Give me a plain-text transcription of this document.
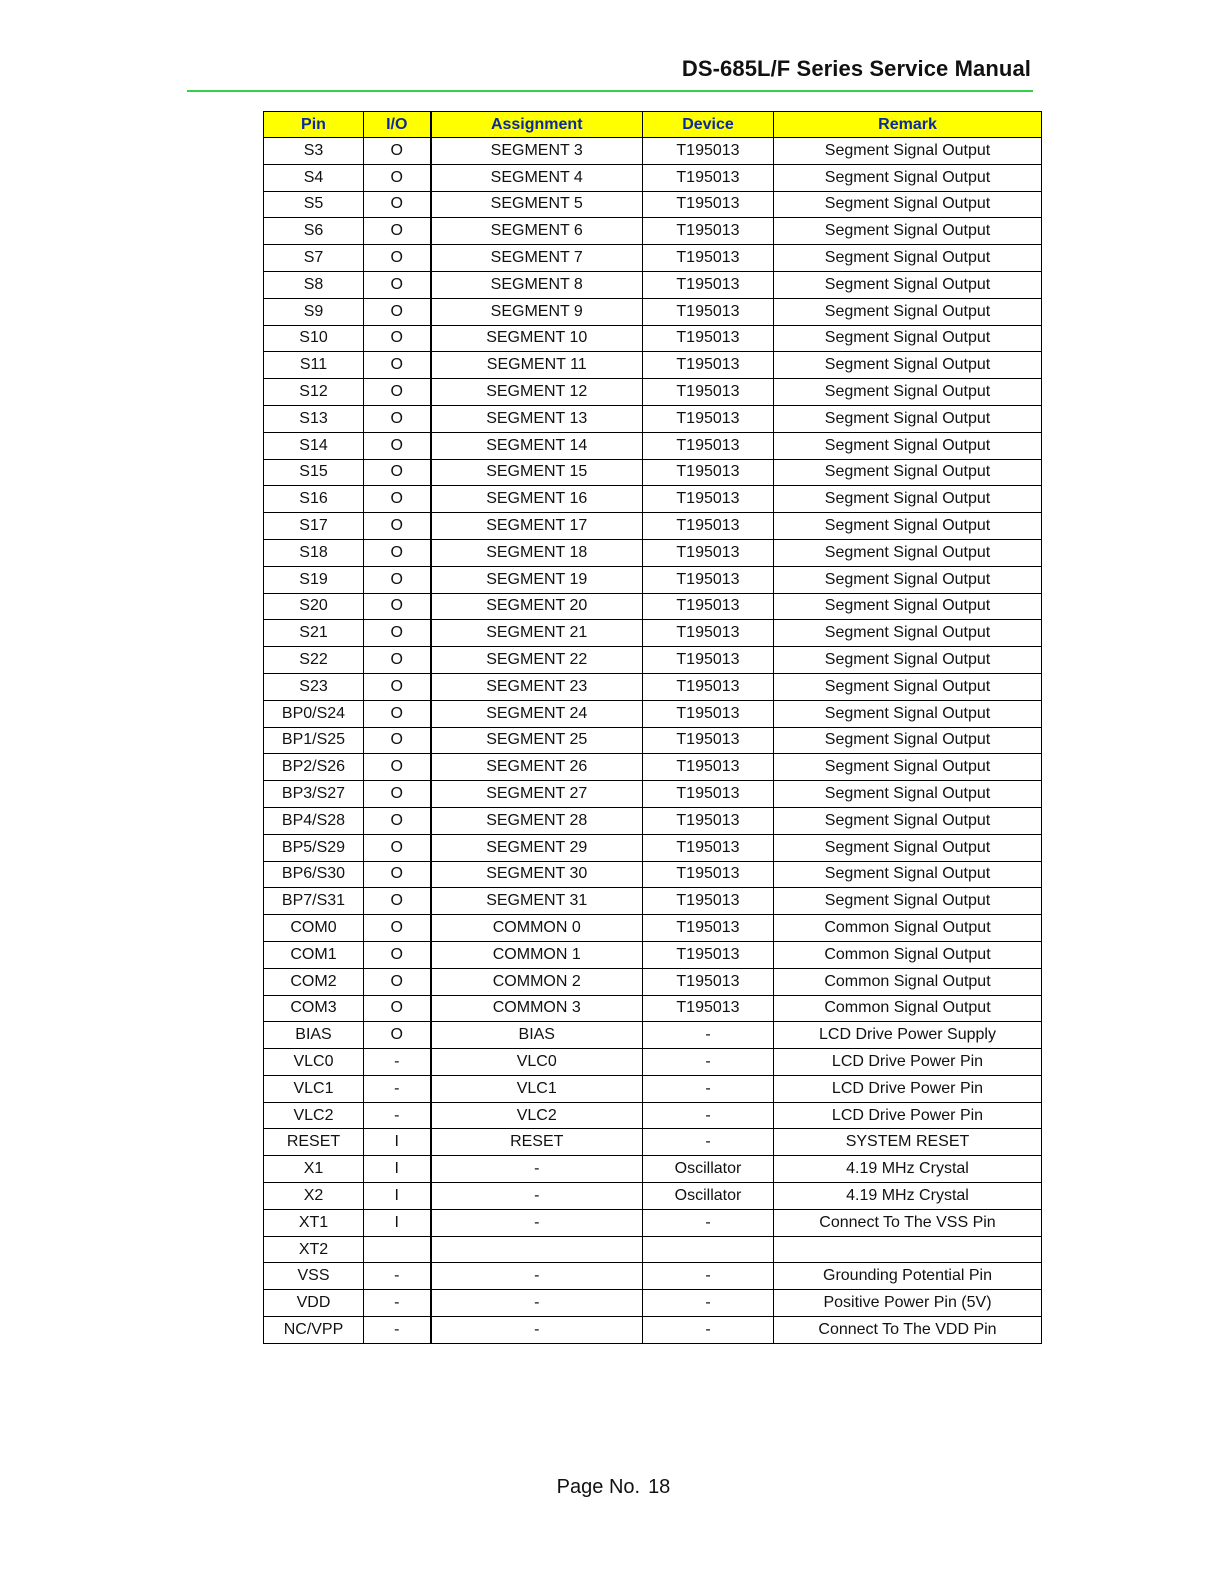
DS-685L/F Series Service Manual
Pin	I/O	Assignment	Device	Remark
S3	O	SEGMENT 3	T195013	Segment Signal Output
S4	O	SEGMENT 4	T195013	Segment Signal Output
S5	O	SEGMENT 5	T195013	Segment Signal Output
S6	O	SEGMENT 6	T195013	Segment Signal Output
S7	O	SEGMENT 7	T195013	Segment Signal Output
S8	O	SEGMENT 8	T195013	Segment Signal Output
S9	O	SEGMENT 9	T195013	Segment Signal Output
S10	O	SEGMENT 10	T195013	Segment Signal Output
S11	O	SEGMENT 11	T195013	Segment Signal Output
S12	O	SEGMENT 12	T195013	Segment Signal Output
S13	O	SEGMENT 13	T195013	Segment Signal Output
S14	O	SEGMENT 14	T195013	Segment Signal Output
S15	O	SEGMENT 15	T195013	Segment Signal Output
S16	O	SEGMENT 16	T195013	Segment Signal Output
S17	O	SEGMENT 17	T195013	Segment Signal Output
S18	O	SEGMENT 18	T195013	Segment Signal Output
S19	O	SEGMENT 19	T195013	Segment Signal Output
S20	O	SEGMENT 20	T195013	Segment Signal Output
S21	O	SEGMENT 21	T195013	Segment Signal Output
S22	O	SEGMENT 22	T195013	Segment Signal Output
S23	O	SEGMENT 23	T195013	Segment Signal Output
BP0/S24	O	SEGMENT 24	T195013	Segment Signal Output
BP1/S25	O	SEGMENT 25	T195013	Segment Signal Output
BP2/S26	O	SEGMENT 26	T195013	Segment Signal Output
BP3/S27	O	SEGMENT 27	T195013	Segment Signal Output
BP4/S28	O	SEGMENT 28	T195013	Segment Signal Output
BP5/S29	O	SEGMENT 29	T195013	Segment Signal Output
BP6/S30	O	SEGMENT 30	T195013	Segment Signal Output
BP7/S31	O	SEGMENT 31	T195013	Segment Signal Output
COM0	O	COMMON 0	T195013	Common Signal Output
COM1	O	COMMON 1	T195013	Common Signal Output
COM2	O	COMMON 2	T195013	Common Signal Output
COM3	O	COMMON 3	T195013	Common Signal Output
BIAS	O	BIAS	-	LCD Drive Power Supply
VLC0	-	VLC0	-	LCD Drive Power Pin
VLC1	-	VLC1	-	LCD Drive Power Pin
VLC2	-	VLC2	-	LCD Drive Power Pin
RESET	I	RESET	-	SYSTEM RESET
X1	I	-	Oscillator	4.19 MHz Crystal
X2	I	-	Oscillator	4.19 MHz Crystal
XT1	I	-	-	Connect To The VSS Pin
XT2				
VSS	-	-	-	Grounding Potential Pin
VDD	-	-	-	Positive Power Pin (5V)
NC/VPP	-	-	-	Connect To The VDD Pin
Page No. 18
